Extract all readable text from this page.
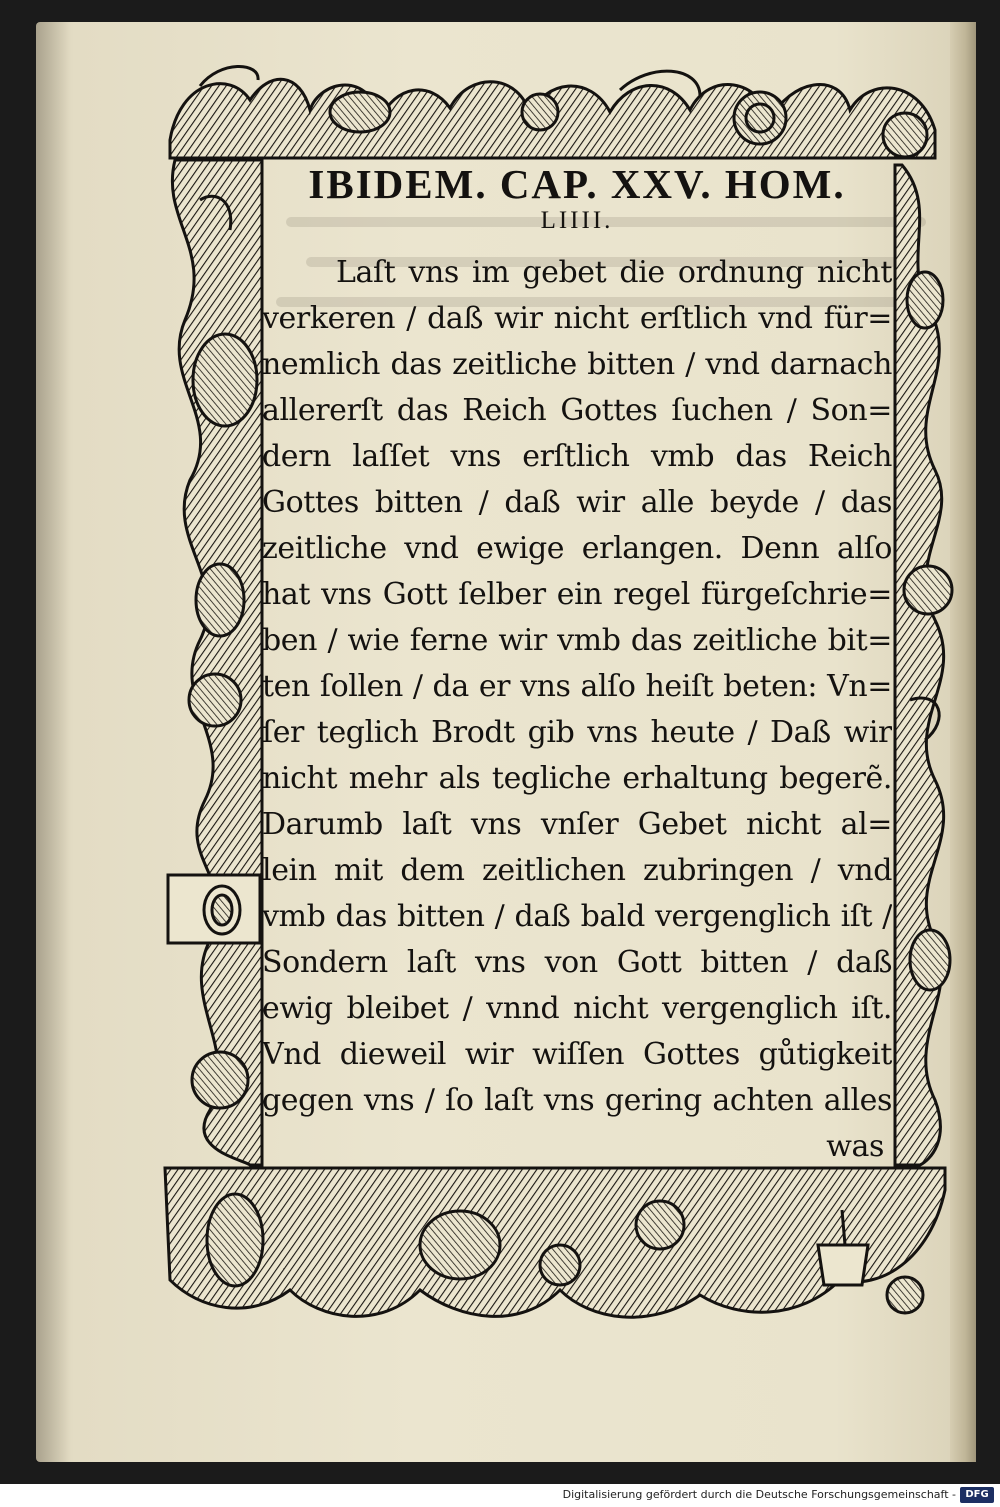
IBIDEM. CAP. XXV. HOM.
LIIII.
Laſt vns im gebet die ordnung nicht
verkeren / daß wir nicht erſtlich vnd für=
nemlich das zeitliche bitten / vnd darnach
allererſt das Reich Gottes ſuchen / Son=
dern laſſet vns erſtlich vmb das Reich
Gottes bitten / daß wir alle beyde / das
zeitliche vnd ewige erlangen. Denn alſo
hat vns Gott ſelber ein regel fürgeſchrie=
ben / wie ferne wir vmb das zeitliche bit=
ten ſollen / da er vns alſo heiſt beten: Vn=
ſer teglich Brodt gib vns heute / Daß wir
nicht mehr als tegliche erhaltung begerẽ.
Darumb laſt vns vnſer Gebet nicht al=
lein mit dem zeitlichen zubringen / vnd
vmb das bitten / daß bald vergenglich iſt /
Sondern laſt vns von Gott bitten / daß
ewig bleibet / vnnd nicht vergenglich iſt.
Vnd dieweil wir wiſſen Gottes gůtigkeit
gegen vns / ſo laſt vns gering achten alles
was
Digitalisierung gefördert durch die Deutsche Forschungsgemeinschaft - DFG
